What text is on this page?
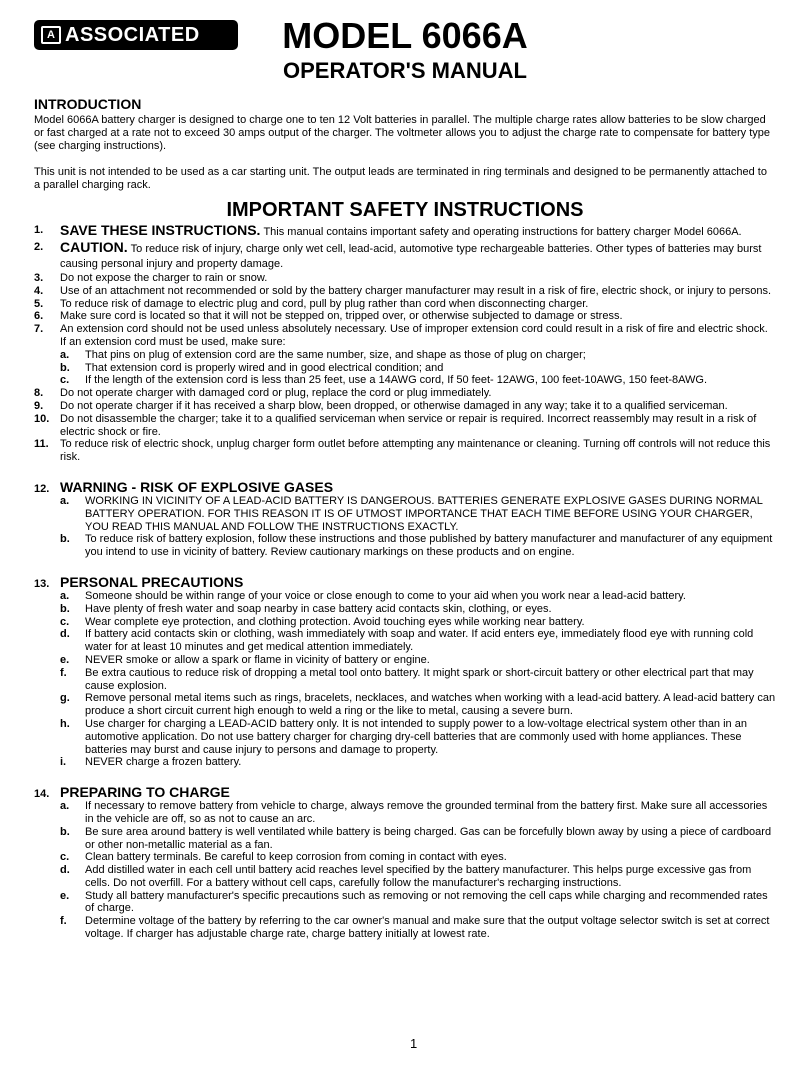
A ASSOCIATED MODEL 6066A
OPERATOR'S MANUAL
INTRODUCTION
Model 6066A battery charger is designed to charge one to ten 12 Volt batteries in parallel. The multiple charge rates allow batteries to be slow charged or fast charged at a rate not to exceed 30 amps output of the charger. The voltmeter allows you to adjust the charge rate to compensate for battery type (see charging instructions).
This unit is not intended to be used as a car starting unit. The output leads are terminated in ring terminals and designed to be permanently attached to a parallel charging rack.
IMPORTANT SAFETY INSTRUCTIONS
1.	SAVE THESE INSTRUCTIONS. This manual contains important safety and operating instructions for battery charger Model 6066A.
2.	CAUTION. To reduce risk of injury, charge only wet cell, lead-acid, automotive type rechargeable batteries. Other types of batteries may burst causing personal injury and property damage.
3.	Do not expose the charger to rain or snow.
4.	Use of an attachment not recommended or sold by the battery charger manufacturer may result in a risk of fire, electric shock, or injury to persons.
5.	To reduce risk of damage to electric plug and cord, pull by plug rather than cord when disconnecting charger.
6.	Make sure cord is located so that it will not be stepped on, tripped over, or otherwise subjected to damage or stress.
7.	An extension cord should not be used unless absolutely necessary. Use of improper extension cord could result in a risk of fire and electric shock. If an extension cord must be used, make sure:
a.	That pins on plug of extension cord are the same number, size, and shape as those of plug on charger;
b.	That extension cord is properly wired and in good electrical condition; and
c.	If the length of the extension cord is less than 25 feet, use a 14AWG cord, If 50 feet- 12AWG, 100 feet-10AWG, 150 feet-8AWG.
8.	Do not operate charger with damaged cord or plug, replace the cord or plug immediately.
9.	Do not operate charger if it has received a sharp blow, been dropped, or otherwise damaged in any way; take it to a qualified serviceman.
10. Do not disassemble the charger; take it to a qualified serviceman when service or repair is required. Incorrect reassembly may result in a risk of electric shock or fire.
11.	To reduce risk of electric shock, unplug charger form outlet before attempting any maintenance or cleaning. Turning off controls will not reduce this risk.
12. WARNING - RISK OF EXPLOSIVE GASES
a.	WORKING IN VICINITY OF A LEAD-ACID BATTERY IS DANGEROUS. BATTERIES GENERATE EXPLOSIVE GASES DURING NORMAL BATTERY OPERATION. FOR THIS REASON IT IS OF UTMOST IMPORTANCE THAT EACH TIME BEFORE USING YOUR CHARGER, YOU READ THIS MANUAL AND FOLLOW THE INSTRUCTIONS EXACTLY.
b.	To reduce risk of battery explosion, follow these instructions and those published by battery manufacturer and manufacturer of any equipment you intend to use in vicinity of battery. Review cautionary markings on these products and on engine.
13. PERSONAL PRECAUTIONS
a.	Someone should be within range of your voice or close enough to come to your aid when you work near a lead-acid battery.
b.	Have plenty of fresh water and soap nearby in case battery acid contacts skin, clothing, or eyes.
c.	Wear complete eye protection, and clothing protection. Avoid touching eyes while working near battery.
d.	If battery acid contacts skin or clothing, wash immediately with soap and water. If acid enters eye, immediately flood eye with running cold water for at least 10 minutes and get medical attention immediately.
e.	NEVER smoke or allow a spark or flame in vicinity of battery or engine.
f.	Be extra cautious to reduce risk of dropping a metal tool onto battery. It might spark or short-circuit battery or other electrical part that may cause explosion.
g.	Remove personal metal items such as rings, bracelets, necklaces, and watches when working with a lead-acid battery. A lead-acid battery can produce a short circuit current high enough to weld a ring or the like to metal, causing a severe burn.
h.	Use charger for charging a LEAD-ACID battery only. It is not intended to supply power to a low-voltage electrical system other than in an automotive application. Do not use battery charger for charging dry-cell batteries that are commonly used with home appliances. These batteries may burst and cause injury to persons and damage to property.
i.	NEVER charge a frozen battery.
14. PREPARING TO CHARGE
a.	If necessary to remove battery from vehicle to charge, always remove the grounded terminal from the battery first. Make sure all accessories in the vehicle are off, so as not to cause an arc.
b.	Be sure area around battery is well ventilated while battery is being charged. Gas can be forcefully blown away by using a piece of cardboard or other non-metallic material as a fan.
c.	Clean battery terminals. Be careful to keep corrosion from coming in contact with eyes.
d.	Add distilled water in each cell until battery acid reaches level specified by the battery manufacturer. This helps purge excessive gas from cells. Do not overfill. For a battery without cell caps, carefully follow the manufacturer's recharging instructions.
e.	Study all battery manufacturer's specific precautions such as removing or not removing the cell caps while charging and recommended rates of charge.
f.	Determine voltage of the battery by referring to the car owner's manual and make sure that the output voltage selector switch is set at correct voltage. If charger has adjustable charge rate, charge battery initially at lowest rate.
1
